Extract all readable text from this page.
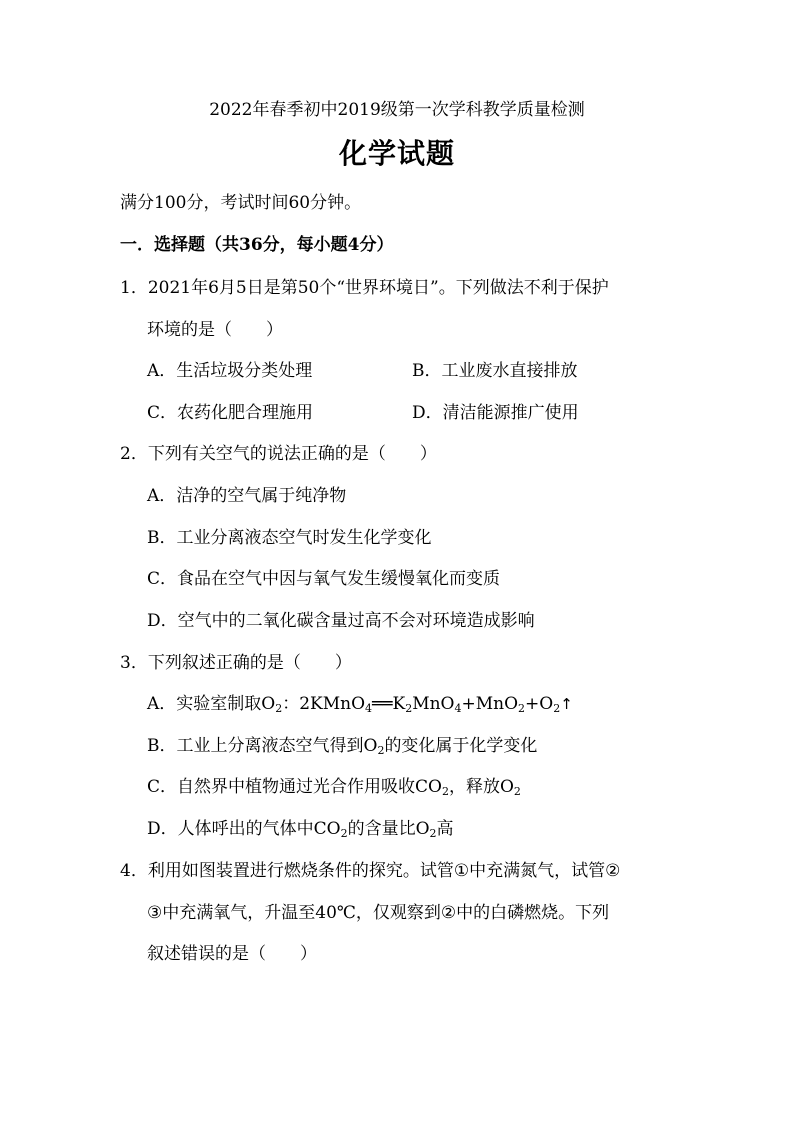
2022年春季初中2019级第一次学科教学质量检测
化学试题
满分100分，考试时间60分钟。
一．选择题（共36分，每小题4分）
1．2021年6月5日是第50个“世界环境日”。下列做法不利于保护
环境的是（　　）
A．生活垃圾分类处理	B．工业废水直接排放
C．农药化肥合理施用	D．清洁能源推广使用
2．下列有关空气的说法正确的是（　　）
A．洁净的空气属于纯净物
B．工业分离液态空气时发生化学变化
C．食品在空气中因与氧气发生缓慢氧化而变质
D．空气中的二氧化碳含量过高不会对环境造成影响
3．下列叙述正确的是（　　）
A．实验室制取$O_2$：$2KMnO_4══K_2MnO_4+MnO_2+O_2↑$
B．工业上分离液态空气得到$O_2$的变化属于化学变化
C．自然界中植物通过光合作用吸收$CO_2$，释放$O_2$
D．人体呼出的气体中$CO_2$的含量比$O_2$高
4．利用如图装置进行燃烧条件的探究。试管①中充满氮气，试管②
③中充满氧气，升温至40℃，仅观察到②中的白磷燃烧。下列
叙述错误的是（　　）
